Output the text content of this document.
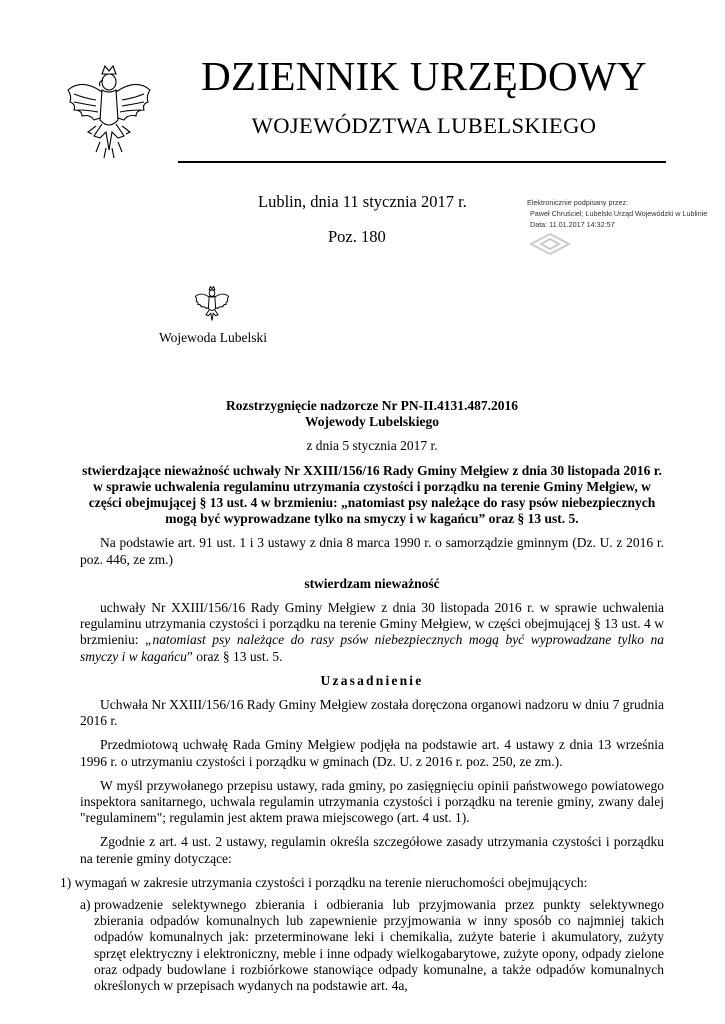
DZIENNIK URZĘDOWY
WOJEWÓDZTWA LUBELSKIEGO
Lublin, dnia 11 stycznia 2017 r.
Poz. 180
Elektronicznie podpisany przez:
Paweł Chruściel; Lubelski Urząd Wojewódzki w Lublinie
Data: 11.01.2017 14:32:57
Wojewoda Lubelski

Rozstrzygnięcie nadzorcze Nr PN-II.4131.487.2016

Wojewody Lubelskiego

z dnia 5 stycznia 2017 r.

stwierdzające nieważność uchwały Nr XXIII/156/16 Rady Gminy Mełgiew z dnia 30 listopada 2016 r. w sprawie uchwalenia regulaminu utrzymania czystości i porządku na terenie Gminy Mełgiew, w części obejmującej § 13 ust. 4 w brzmieniu: „natomiast psy należące do rasy psów niebezpiecznych mogą być wyprowadzane tylko na smyczy i w kagańcu” oraz § 13 ust. 5.

Na podstawie art. 91 ust. 1 i 3 ustawy z dnia 8 marca 1990 r. o samorządzie gminnym (Dz. U. z 2016 r. poz. 446, ze zm.)

stwierdzam nieważność

uchwały Nr XXIII/156/16 Rady Gminy Mełgiew z dnia 30 listopada 2016 r. w sprawie uchwalenia regulaminu utrzymania czystości i porządku na terenie Gminy Mełgiew, w części obejmującej § 13 ust. 4 w brzmieniu: „natomiast psy należące do rasy psów niebezpiecznych mogą być wyprowadzane tylko na smyczy i w kagańcu” oraz § 13 ust. 5.

Uzasadnienie

Uchwała Nr XXIII/156/16 Rady Gminy Mełgiew została doręczona organowi nadzoru w dniu 7 grudnia 2016 r.

Przedmiotową uchwałę Rada Gminy Mełgiew podjęła na podstawie art. 4 ustawy z dnia 13 września 1996 r. o utrzymaniu czystości i porządku w gminach (Dz. U. z 2016 r. poz. 250, ze zm.).

W myśl przywołanego przepisu ustawy, rada gminy, po zasięgnięciu opinii państwowego powiatowego inspektora sanitarnego, uchwala regulamin utrzymania czystości i porządku na terenie gminy, zwany dalej "regulaminem"; regulamin jest aktem prawa miejscowego (art. 4 ust. 1).

Zgodnie z art. 4 ust. 2 ustawy, regulamin określa szczegółowe zasady utrzymania czystości i porządku na terenie gminy dotyczące:

1) wymagań w zakresie utrzymania czystości i porządku na terenie nieruchomości obejmujących:

a) prowadzenie selektywnego zbierania i odbierania lub przyjmowania przez punkty selektywnego zbierania odpadów komunalnych lub zapewnienie przyjmowania w inny sposób co najmniej takich odpadów komunalnych jak: przeterminowane leki i chemikalia, zużyte baterie i akumulatory, zużyty sprzęt elektryczny i elektroniczny, meble i inne odpady wielkogabarytowe, zużyte opony, odpady zielone oraz odpady budowlane i rozbiórkowe stanowiące odpady komunalne, a także odpadów komunalnych określonych w przepisach wydanych na podstawie art. 4a,
